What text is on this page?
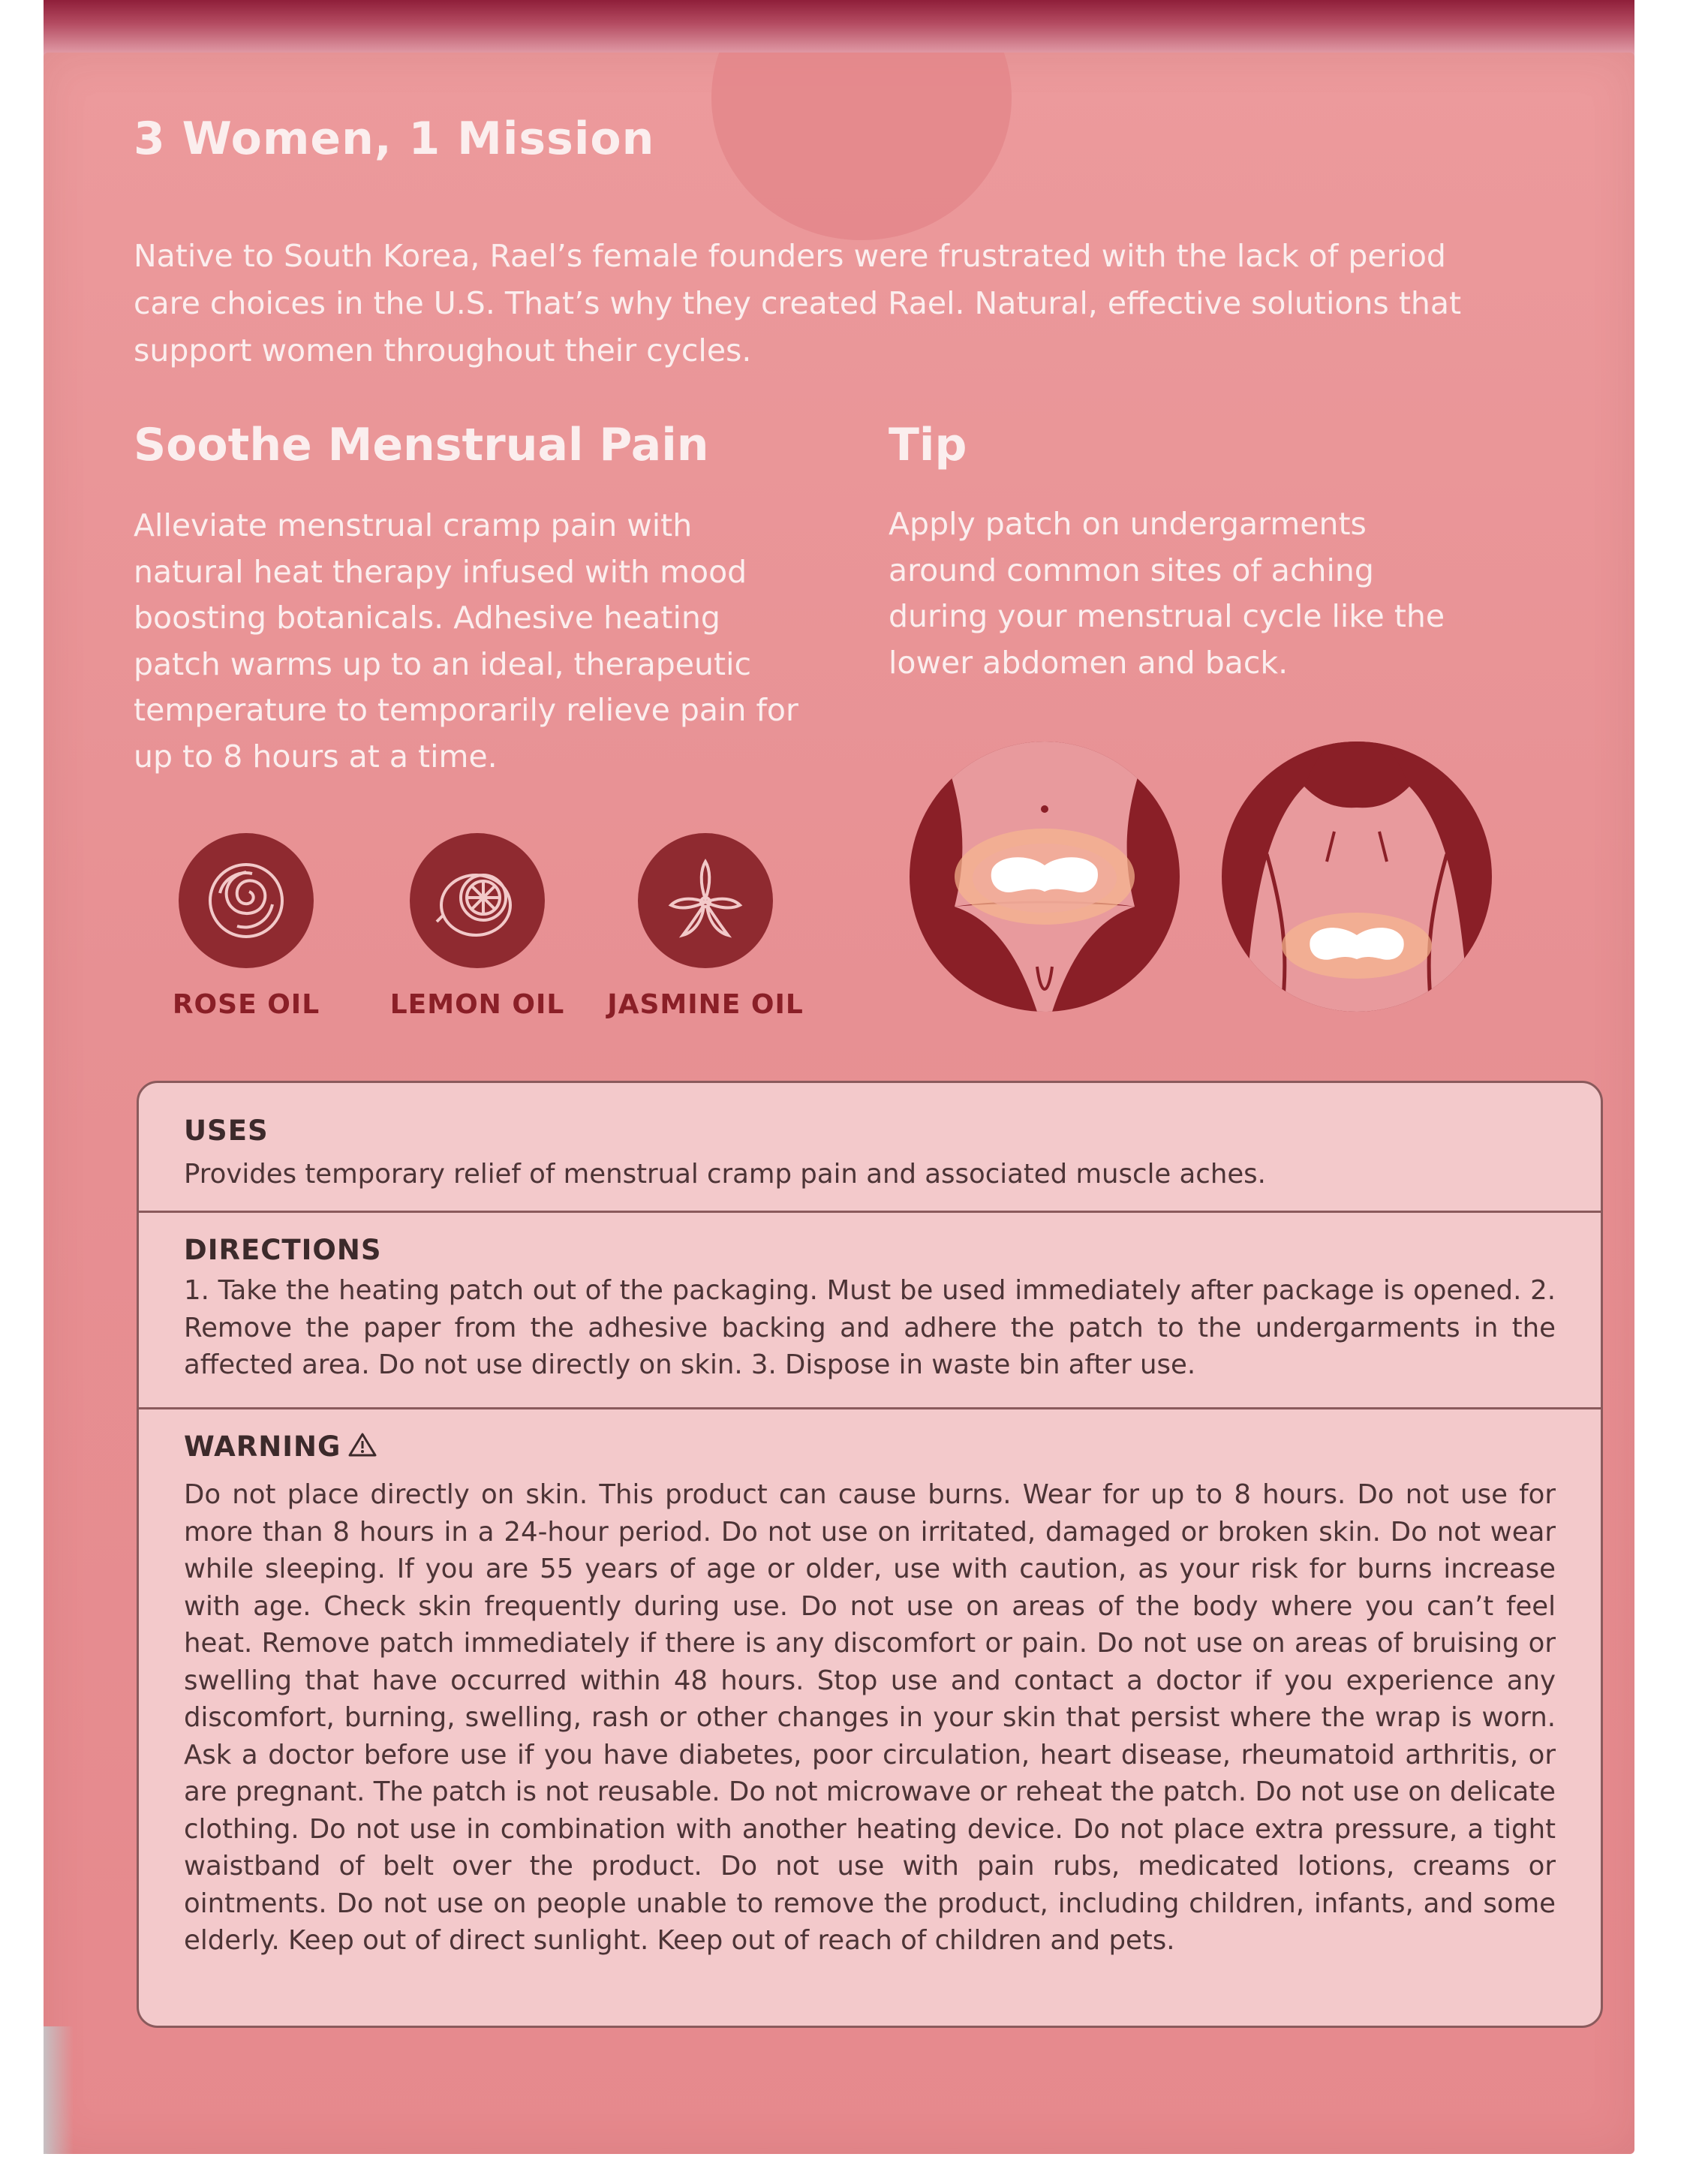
3 Women, 1 Mission
Native to South Korea, Rael’s female founders were frustrated with the lack of period care choices in the U.S. That’s why they created Rael. Natural, effective solutions that support women throughout their cycles.
Soothe Menstrual Pain
Alleviate menstrual cramp pain with natural heat therapy infused with mood boosting botanicals. Adhesive heating patch warms up to an ideal, therapeutic temperature to temporarily relieve pain for up to 8 hours at a time.
Tip
Apply patch on undergarments around common sites of aching during your menstrual cycle like the lower abdomen and back.
ROSE OIL	LEMON OIL	JASMINE OIL
USES
Provides temporary relief of menstrual cramp pain and associated muscle aches.
DIRECTIONS
1. Take the heating patch out of the packaging. Must be used immediately after package is opened. 2. Remove the paper from the adhesive backing and adhere the patch to the undergarments in the affected area. Do not use directly on skin. 3. Dispose in waste bin after use.
WARNING
Do not place directly on skin. This product can cause burns. Wear for up to 8 hours. Do not use for more than 8 hours in a 24-hour period. Do not use on irritated, damaged or broken skin. Do not wear while sleeping. If you are 55 years of age or older, use with caution, as your risk for burns increase with age. Check skin frequently during use. Do not use on areas of the body where you can’t feel heat. Remove patch immediately if there is any discomfort or pain. Do not use on areas of bruising or swelling that have occurred within 48 hours. Stop use and contact a doctor if you experience any discomfort, burning, swelling, rash or other changes in your skin that persist where the wrap is worn. Ask a doctor before use if you have diabetes, poor circulation, heart disease, rheumatoid arthritis, or are pregnant. The patch is not reusable. Do not microwave or reheat the patch. Do not use on delicate clothing. Do not use in combination with another heating device. Do not place extra pressure, a tight waistband of belt over the product. Do not use with pain rubs, medicated lotions, creams or ointments. Do not use on people unable to remove the product, including children, infants, and some elderly. Keep out of direct sunlight. Keep out of reach of children and pets.
